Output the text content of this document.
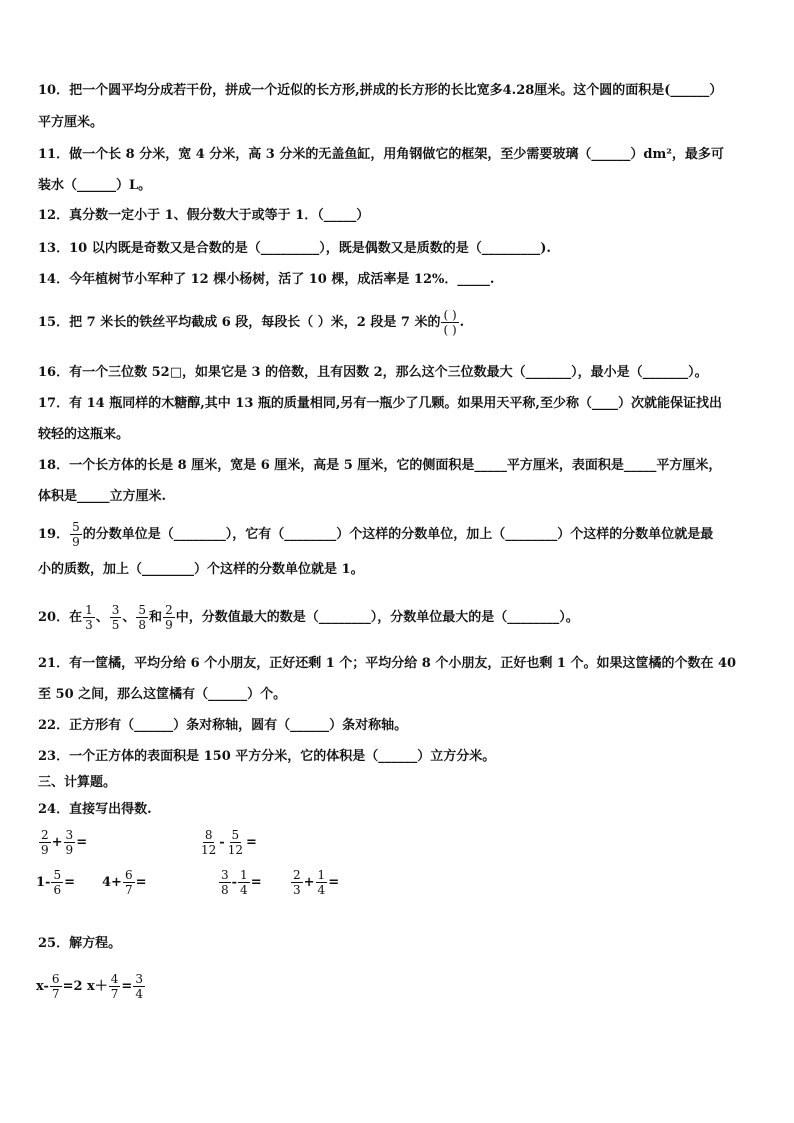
10．把一个圆平均分成若干份，拼成一个近似的长方形,拼成的长方形的长比宽多4.28厘米。这个圆的面积是(______）
平方厘米。
11．做一个长 8 分米，宽 4 分米，高 3 分米的无盖鱼缸，用角钢做它的框架，至少需要玻璃（______）dm²，最多可
装水（______）L。
12．真分数一定小于 1、假分数大于或等于 1．（_____）
13．10 以内既是奇数又是合数的是（_________），既是偶数又是质数的是（_________).
14．今年植树节小军种了 12 棵小杨树，活了 10 棵，成活率是 12%．_____.
15．把 7 米长的铁丝平均截成 6 段，每段长（ ）米，2 段是 7 米的 $\frac{( )}{( )}$ .
16．有一个三位数 52□，如果它是 3 的倍数，且有因数 2，那么这个三位数最大（_______），最小是（_______）。
17．有 14 瓶同样的木糖醇,其中 13 瓶的质量相同,另有一瓶少了几颗。如果用天平称,至少称（____）次就能保证找出
较轻的这瓶来。
18．一个长方体的长是 8 厘米，宽是 6 厘米，高是 5 厘米，它的侧面积是_____平方厘米，表面积是_____平方厘米，
体积是_____立方厘米.
19． $\frac{5}{9}$ 的分数单位是（________），它有（________）个这样的分数单位，加上（________）个这样的分数单位就是最
小的质数，加上（________）个这样的分数单位就是 1。
20．在 $\frac{1}{3}$ 、 $\frac{3}{5}$ 、 $\frac{5}{8}$ 和 $\frac{2}{9}$ 中，分数值最大的数是（________），分数单位最大的是（________）。
21．有一筐橘，平均分给 6 个小朋友，正好还剩 1 个；平均分给 8 个小朋友，正好也剩 1 个。如果这筐橘的个数在 40
至 50 之间，那么这筐橘有（______）个。
22．正方形有（______）条对称轴，圆有（______）条对称轴。
23．一个正方体的表面积是 150 平方分米，它的体积是（______）立方分米。
三、计算题。
24．直接写出得数.
$\frac{2}{9} + \frac{3}{9}$ =	$\frac{8}{12} - \frac{5}{12}$ =
$1- \frac{5}{6} = 4+ \frac{6}{7}$ =	$\frac{3}{8} - \frac{1}{4} = \frac{2}{3} + \frac{1}{4}$ =
25．解方程。
$x- \frac{6}{7} =2$ $x+ \frac{4}{7} = \frac{3}{4}$
